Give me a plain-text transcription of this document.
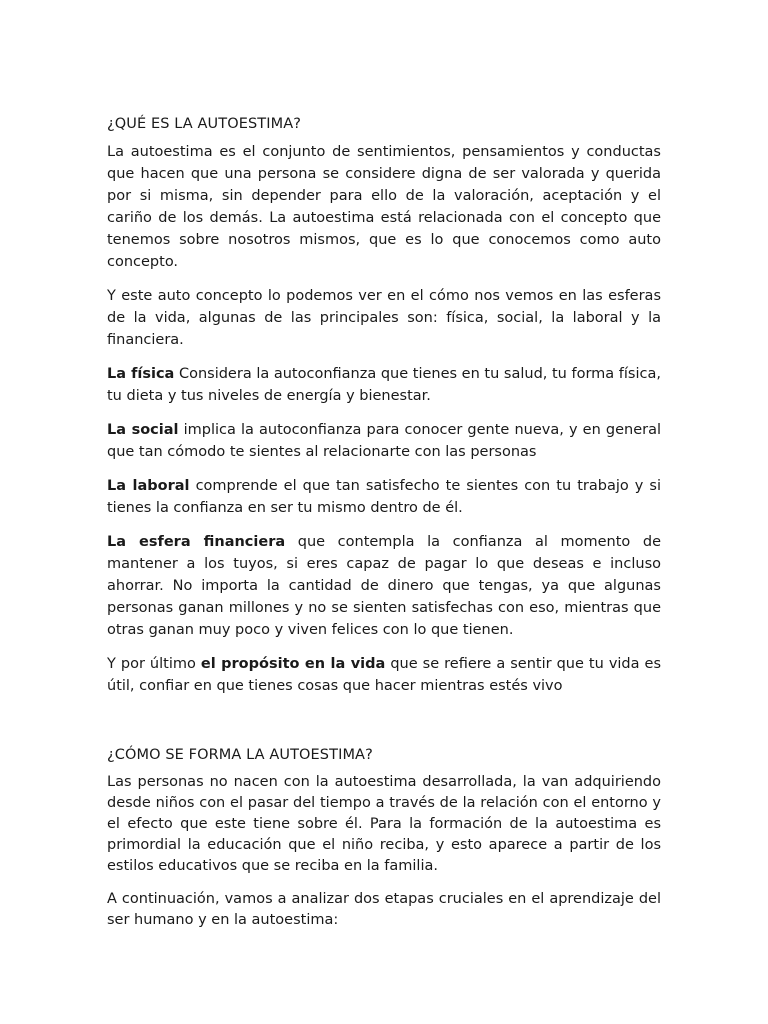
¿QUÉ ES LA AUTOESTIMA?

La autoestima es el conjunto de sentimientos, pensamientos y conductas que hacen que una persona se considere digna de ser valorada y querida por si misma, sin depender para ello de la valoración, aceptación y el cariño de los demás. La autoestima está relacionada con el concepto que tenemos sobre nosotros mismos, que es lo que conocemos como auto concepto.

Y este auto concepto lo podemos ver en el cómo nos vemos en las esferas de la vida, algunas de las principales son: física, social, la laboral y la financiera.

La física Considera la autoconfianza que tienes en tu salud, tu forma física, tu dieta y tus niveles de energía y bienestar.

La social implica la autoconfianza para conocer gente nueva, y en general que tan cómodo te sientes al relacionarte con las personas

La laboral comprende el que tan satisfecho te sientes con tu trabajo y si tienes la confianza en ser tu mismo dentro de él.

La esfera financiera que contempla la confianza al momento de mantener a los tuyos, si eres capaz de pagar lo que deseas e incluso ahorrar. No importa la cantidad de dinero que tengas, ya que algunas personas ganan millones y no se sienten satisfechas con eso, mientras que otras ganan muy poco y viven felices con lo que tienen.

Y por último el propósito en la vida que se refiere a sentir que tu vida es útil, confiar en que tienes cosas que hacer mientras estés vivo

¿CÓMO SE FORMA LA AUTOESTIMA?

Las personas no nacen con la autoestima desarrollada, la van adquiriendo desde niños con el pasar del tiempo a través de la relación con el entorno y el efecto que este tiene sobre él. Para la formación de la autoestima es primordial la educación que el niño reciba, y esto aparece a partir de los estilos educativos que se reciba en la familia.

A continuación, vamos a analizar dos etapas cruciales en el aprendizaje del ser humano y en la autoestima:
